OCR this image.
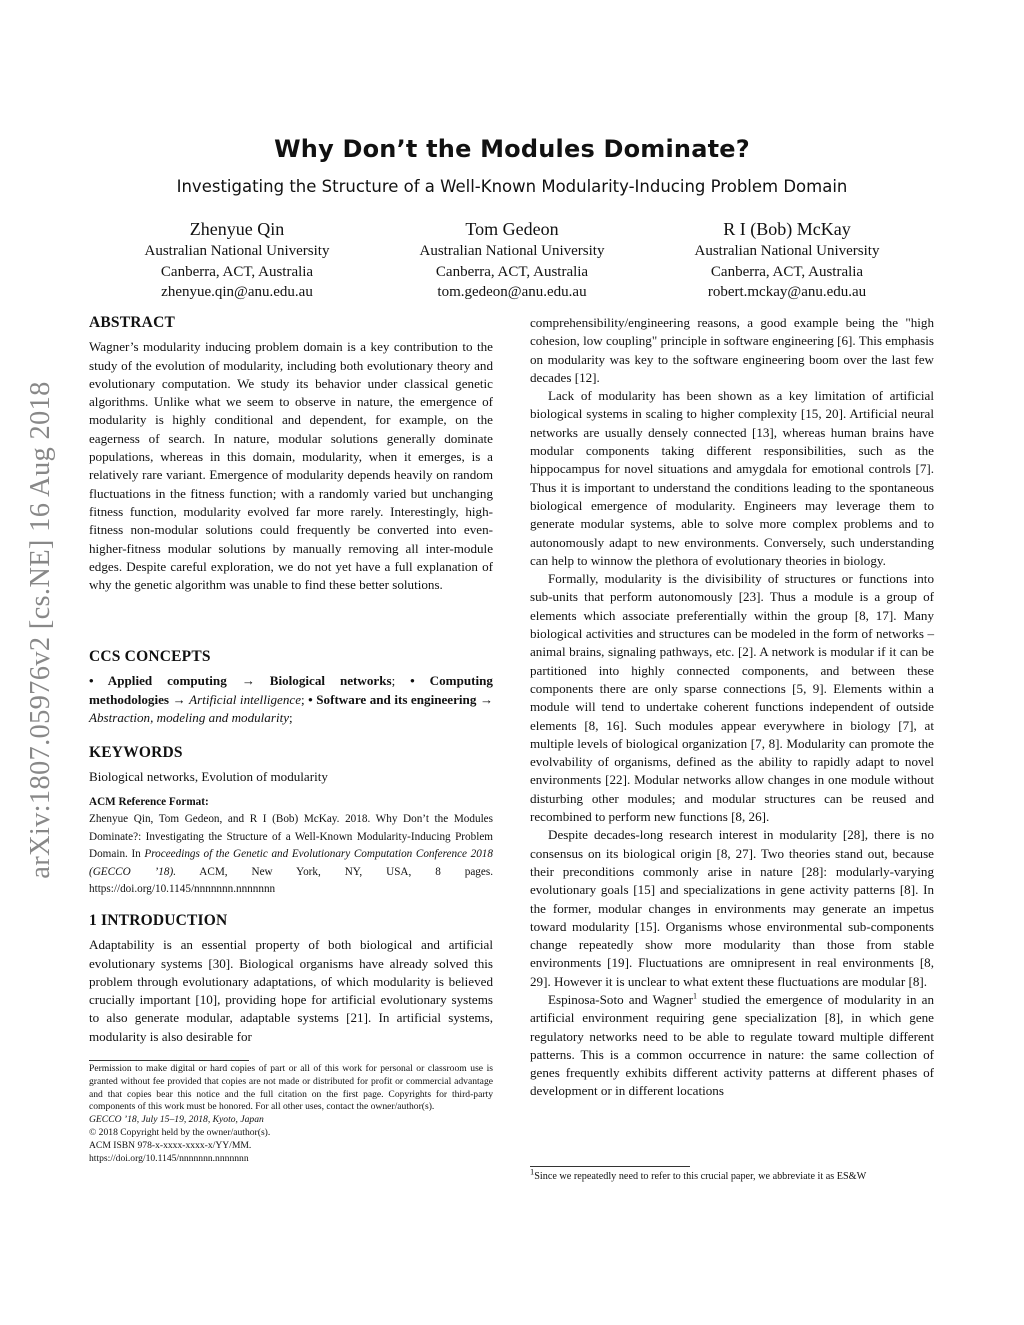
arXiv:1807.05976v2 [cs.NE] 16 Aug 2018
Why Don’t the Modules Dominate?
Investigating the Structure of a Well-Known Modularity-Inducing Problem Domain
Zhenyue Qin
Australian National University
Canberra, ACT, Australia
zhenyue.qin@anu.edu.au
Tom Gedeon
Australian National University
Canberra, ACT, Australia
tom.gedeon@anu.edu.au
R I (Bob) McKay
Australian National University
Canberra, ACT, Australia
robert.mckay@anu.edu.au
ABSTRACT

Wagner’s modularity inducing problem domain is a key contribution to the study of the evolution of modularity, including both evolutionary theory and evolutionary computation. We study its behavior under classical genetic algorithms. Unlike what we seem to observe in nature, the emergence of modularity is highly conditional and dependent, for example, on the eagerness of search. In nature, modular solutions generally dominate populations, whereas in this domain, modularity, when it emerges, is a relatively rare variant. Emergence of modularity depends heavily on random fluctuations in the fitness function; with a randomly varied but unchanging fitness function, modularity evolved far more rarely. Interestingly, high-fitness non-modular solutions could frequently be converted into even-higher-fitness modular solutions by manually removing all inter-module edges. Despite careful exploration, we do not yet have a full explanation of why the genetic algorithm was unable to find these better solutions.

CCS CONCEPTS

• Applied computing → Biological networks; • Computing methodologies → Artificial intelligence; • Software and its engineering → Abstraction, modeling and modularity;

KEYWORDS

Biological networks, Evolution of modularity

ACM Reference Format:

Zhenyue Qin, Tom Gedeon, and R I (Bob) McKay. 2018. Why Don’t the Modules Dominate?: Investigating the Structure of a Well-Known Modularity-Inducing Problem Domain. In Proceedings of the Genetic and Evolutionary Computation Conference 2018 (GECCO ’18). ACM, New York, NY, USA, 8 pages. https://doi.org/10.1145/nnnnnnn.nnnnnnn

1 INTRODUCTION

Adaptability is an essential property of both biological and artificial evolutionary systems [30]. Biological organisms have already solved this problem through evolutionary adaptations, of which modularity is believed crucially important [10], providing hope for artificial evolutionary systems to also generate modular, adaptable systems [21]. In artificial systems, modularity is also desirable for

Permission to make digital or hard copies of part or all of this work for personal or classroom use is granted without fee provided that copies are not made or distributed for profit or commercial advantage and that copies bear this notice and the full citation on the first page. Copyrights for third-party components of this work must be honored. For all other uses, contact the owner/author(s).
GECCO ’18, July 15–19, 2018, Kyoto, Japan
© 2018 Copyright held by the owner/author(s).
ACM ISBN 978-x-xxxx-xxxx-x/YY/MM.
https://doi.org/10.1145/nnnnnnn.nnnnnnn

comprehensibility/engineering reasons, a good example being the "high cohesion, low coupling" principle in software engineering [6]. This emphasis on modularity was key to the software engineering boom over the last few decades [12].

Lack of modularity has been shown as a key limitation of artificial biological systems in scaling to higher complexity [15, 20]. Artificial neural networks are usually densely connected [13], whereas human brains have modular components taking different responsibilities, such as the hippocampus for novel situations and amygdala for emotional controls [7]. Thus it is important to understand the conditions leading to the spontaneous biological emergence of modularity. Engineers may leverage them to generate modular systems, able to solve more complex problems and to autonomously adapt to new environments. Conversely, such understanding can help to winnow the plethora of evolutionary theories in biology.

Formally, modularity is the divisibility of structures or functions into sub-units that perform autonomously [23]. Thus a module is a group of elements which associate preferentially within the group [8, 17]. Many biological activities and structures can be modeled in the form of networks – animal brains, signaling pathways, etc. [2]. A network is modular if it can be partitioned into highly connected components, and between these components there are only sparse connections [5, 9]. Elements within a module will tend to undertake coherent functions independent of outside elements [8, 16]. Such modules appear everywhere in biology [7], at multiple levels of biological organization [7, 8]. Modularity can promote the evolvability of organisms, defined as the ability to rapidly adapt to novel environments [22]. Modular networks allow changes in one module without disturbing other modules; and modular structures can be reused and recombined to perform new functions [8, 26].

Despite decades-long research interest in modularity [28], there is no consensus on its biological origin [8, 27]. Two theories stand out, because their preconditions commonly arise in nature [28]: modularly-varying evolutionary goals [15] and specializations in gene activity patterns [8]. In the former, modular changes in environments may generate an impetus toward modularity [15]. Organisms whose environmental sub-components change repeatedly show more modularity than those from stable environments [19]. Fluctuations are omnipresent in real environments [8, 29]. However it is unclear to what extent these fluctuations are modular [8].

Espinosa-Soto and Wagner$^1$ studied the emergence of modularity in an artificial environment requiring gene specialization [8], in which gene regulatory networks need to be able to regulate toward multiple different patterns. This is a common occurrence in nature: the same collection of genes frequently exhibits different activity patterns at different phases of development or in different locations

$^1$Since we repeatedly need to refer to this crucial paper, we abbreviate it as ES&W
